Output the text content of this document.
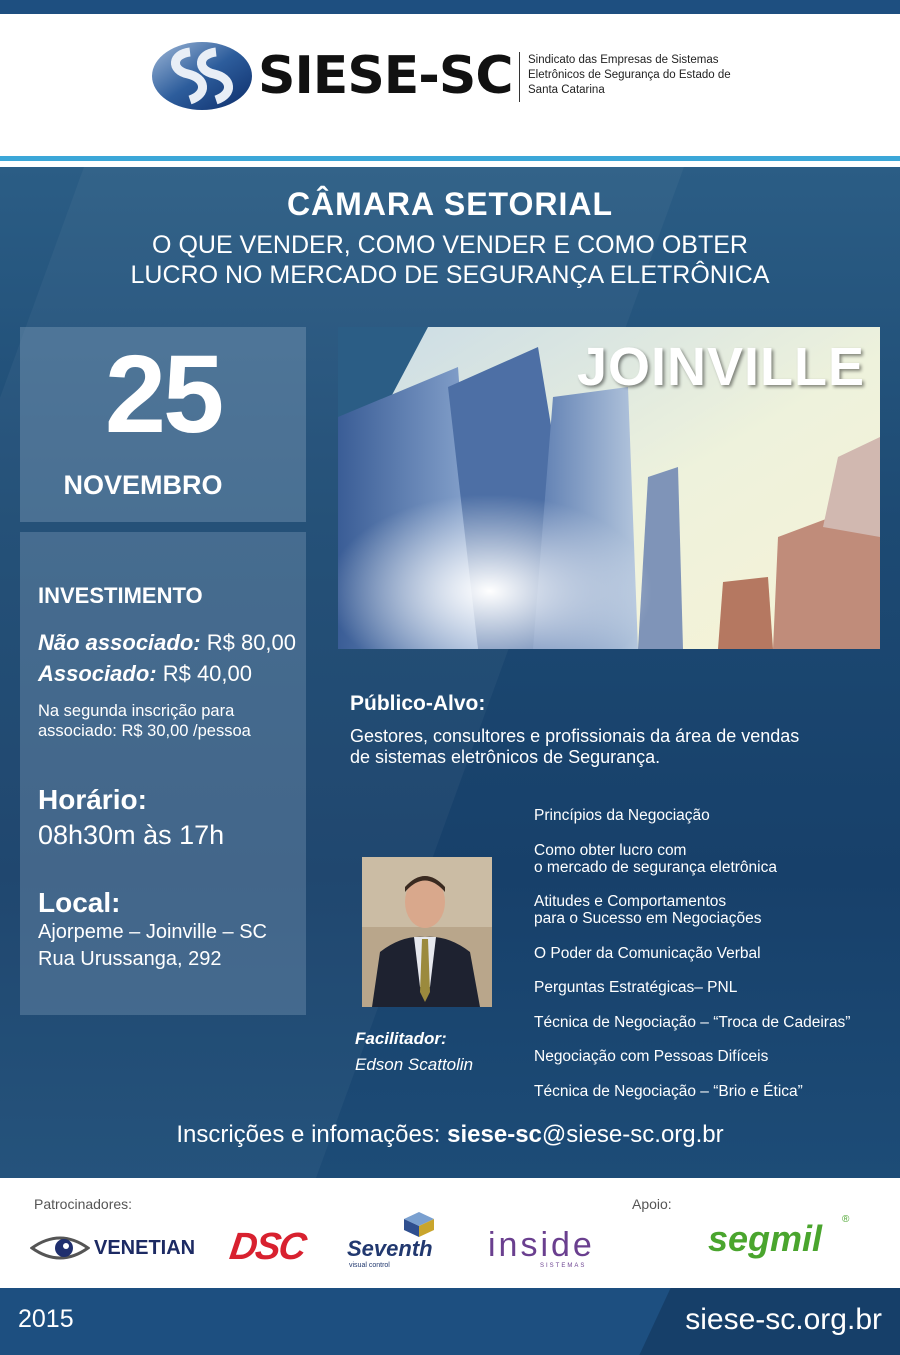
SIESE-SC Sindicato das Empresas de Sistemas
Eletrônicos de Segurança do Estado de
Santa Catarina
CÂMARA SETORIAL
O QUE VENDER, COMO VENDER E COMO OBTER
LUCRO NO MERCADO DE SEGURANÇA ELETRÔNICA
25
NOVEMBRO
INVESTIMENTO
Não associado: R$ 80,00
Associado: R$ 40,00
Na segunda inscrição para
associado: R$ 30,00 /pessoa
Horário:
08h30m às 17h
Local:
Ajorpeme – Joinville – SC
Rua Urussanga, 292
JOINVILLE
Público-Alvo:
Gestores, consultores e profissionais da área de vendas
de sistemas eletrônicos de Segurança.
Facilitador:
Edson Scattolin
Princípios da Negociação
Como obter lucro com
o mercado de segurança eletrônica
Atitudes e Comportamentos
para o Sucesso em Negociações
O Poder da Comunicação Verbal
Perguntas Estratégicas– PNL
Técnica de Negociação – “Troca de Cadeiras”
Negociação com Pessoas Difíceis
Técnica de Negociação – “Brio e Ética”
Inscrições e infomações: siese-sc@siese-sc.org.br
Patrocinadores:	Apoio:
VENETIAN DSC Seventh
visual control
inside
SISTEMAS
segmil ®
2015	siese-sc.org.br
